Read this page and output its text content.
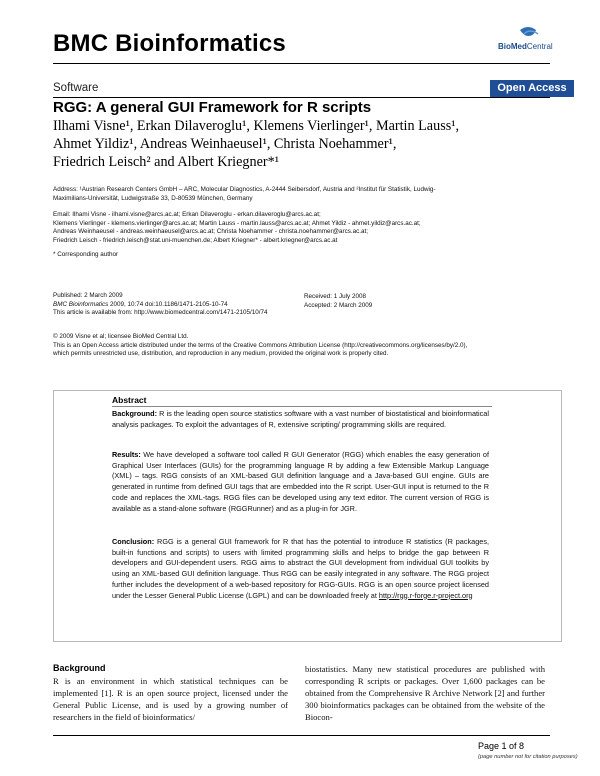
BMC Bioinformatics	BioMedCentral
Software	Open Access
RGG: A general GUI Framework for R scripts
Ilhami Visne¹, Erkan Dilaveroglu¹, Klemens Vierlinger¹, Martin Lauss¹,
Ahmet Yildiz¹, Andreas Weinhaeusel¹, Christa Noehammer¹,
Friedrich Leisch² and Albert Kriegner*¹
Address: ¹Austrian Research Centers GmbH – ARC, Molecular Diagnostics, A-2444 Seibersdorf, Austria and ²Institut für Statistik, Ludwig-
Maximilians-Universität, Ludwigstraße 33, D-80539 München, Germany
Email: Ilhami Visne - ilhami.visne@arcs.ac.at; Erkan Dilaveroglu - erkan.dilaveroglu@arcs.ac.at;
Klemens Vierlinger - klemens.vierlinger@arcs.ac.at; Martin Lauss - martin.lauss@arcs.ac.at; Ahmet Yildiz - ahmet.yildiz@arcs.ac.at;
Andreas Weinhaeusel - andreas.weinhaeusel@arcs.ac.at; Christa Noehammer - christa.noehammer@arcs.ac.at;
Friedrich Leisch - friedrich.leisch@stat.uni-muenchen.de; Albert Kriegner* - albert.kriegner@arcs.ac.at
* Corresponding author
Published: 2 March 2009
BMC Bioinformatics 2009, 10:74 doi:10.1186/1471-2105-10-74
This article is available from: http://www.biomedcentral.com/1471-2105/10/74
Received: 1 July 2008
Accepted: 2 March 2009
© 2009 Visne et al; licensee BioMed Central Ltd.
This is an Open Access article distributed under the terms of the Creative Commons Attribution License (http://creativecommons.org/licenses/by/2.0),
which permits unrestricted use, distribution, and reproduction in any medium, provided the original work is properly cited.
Abstract
Background: R is the leading open source statistics software with a vast number of biostatistical and bioinformatical analysis packages. To exploit the advantages of R, extensive scripting/ programming skills are required.
Results: We have developed a software tool called R GUI Generator (RGG) which enables the easy generation of Graphical User Interfaces (GUIs) for the programming language R by adding a few Extensible Markup Language (XML) – tags. RGG consists of an XML-based GUI definition language and a Java-based GUI engine. GUIs are generated in runtime from defined GUI tags that are embedded into the R script. User-GUI input is returned to the R code and replaces the XML-tags. RGG files can be developed using any text editor. The current version of RGG is available as a stand-alone software (RGGRunner) and as a plug-in for JGR.
Conclusion: RGG is a general GUI framework for R that has the potential to introduce R statistics (R packages, built-in functions and scripts) to users with limited programming skills and helps to bridge the gap between R developers and GUI-dependent users. RGG aims to abstract the GUI development from individual GUI toolkits by using an XML-based GUI definition language. Thus RGG can be easily integrated in any software. The RGG project further includes the development of a web-based repository for RGG-GUIs. RGG is an open source project licensed under the Lesser General Public License (LGPL) and can be downloaded freely at http://rgg.r-forge.r-project.org
Background
R is an environment in which statistical techniques can be implemented [1]. R is an open source project, licensed under the General Public License, and is used by a growing number of researchers in the field of bioinformatics/
biostatistics. Many new statistical procedures are published with corresponding R scripts or packages. Over 1,600 packages can be obtained from the Comprehensive R Archive Network [2] and further 300 bioinformatics packages can be obtained from the website of the Biocon-
Page 1 of 8
(page number not for citation purposes)
